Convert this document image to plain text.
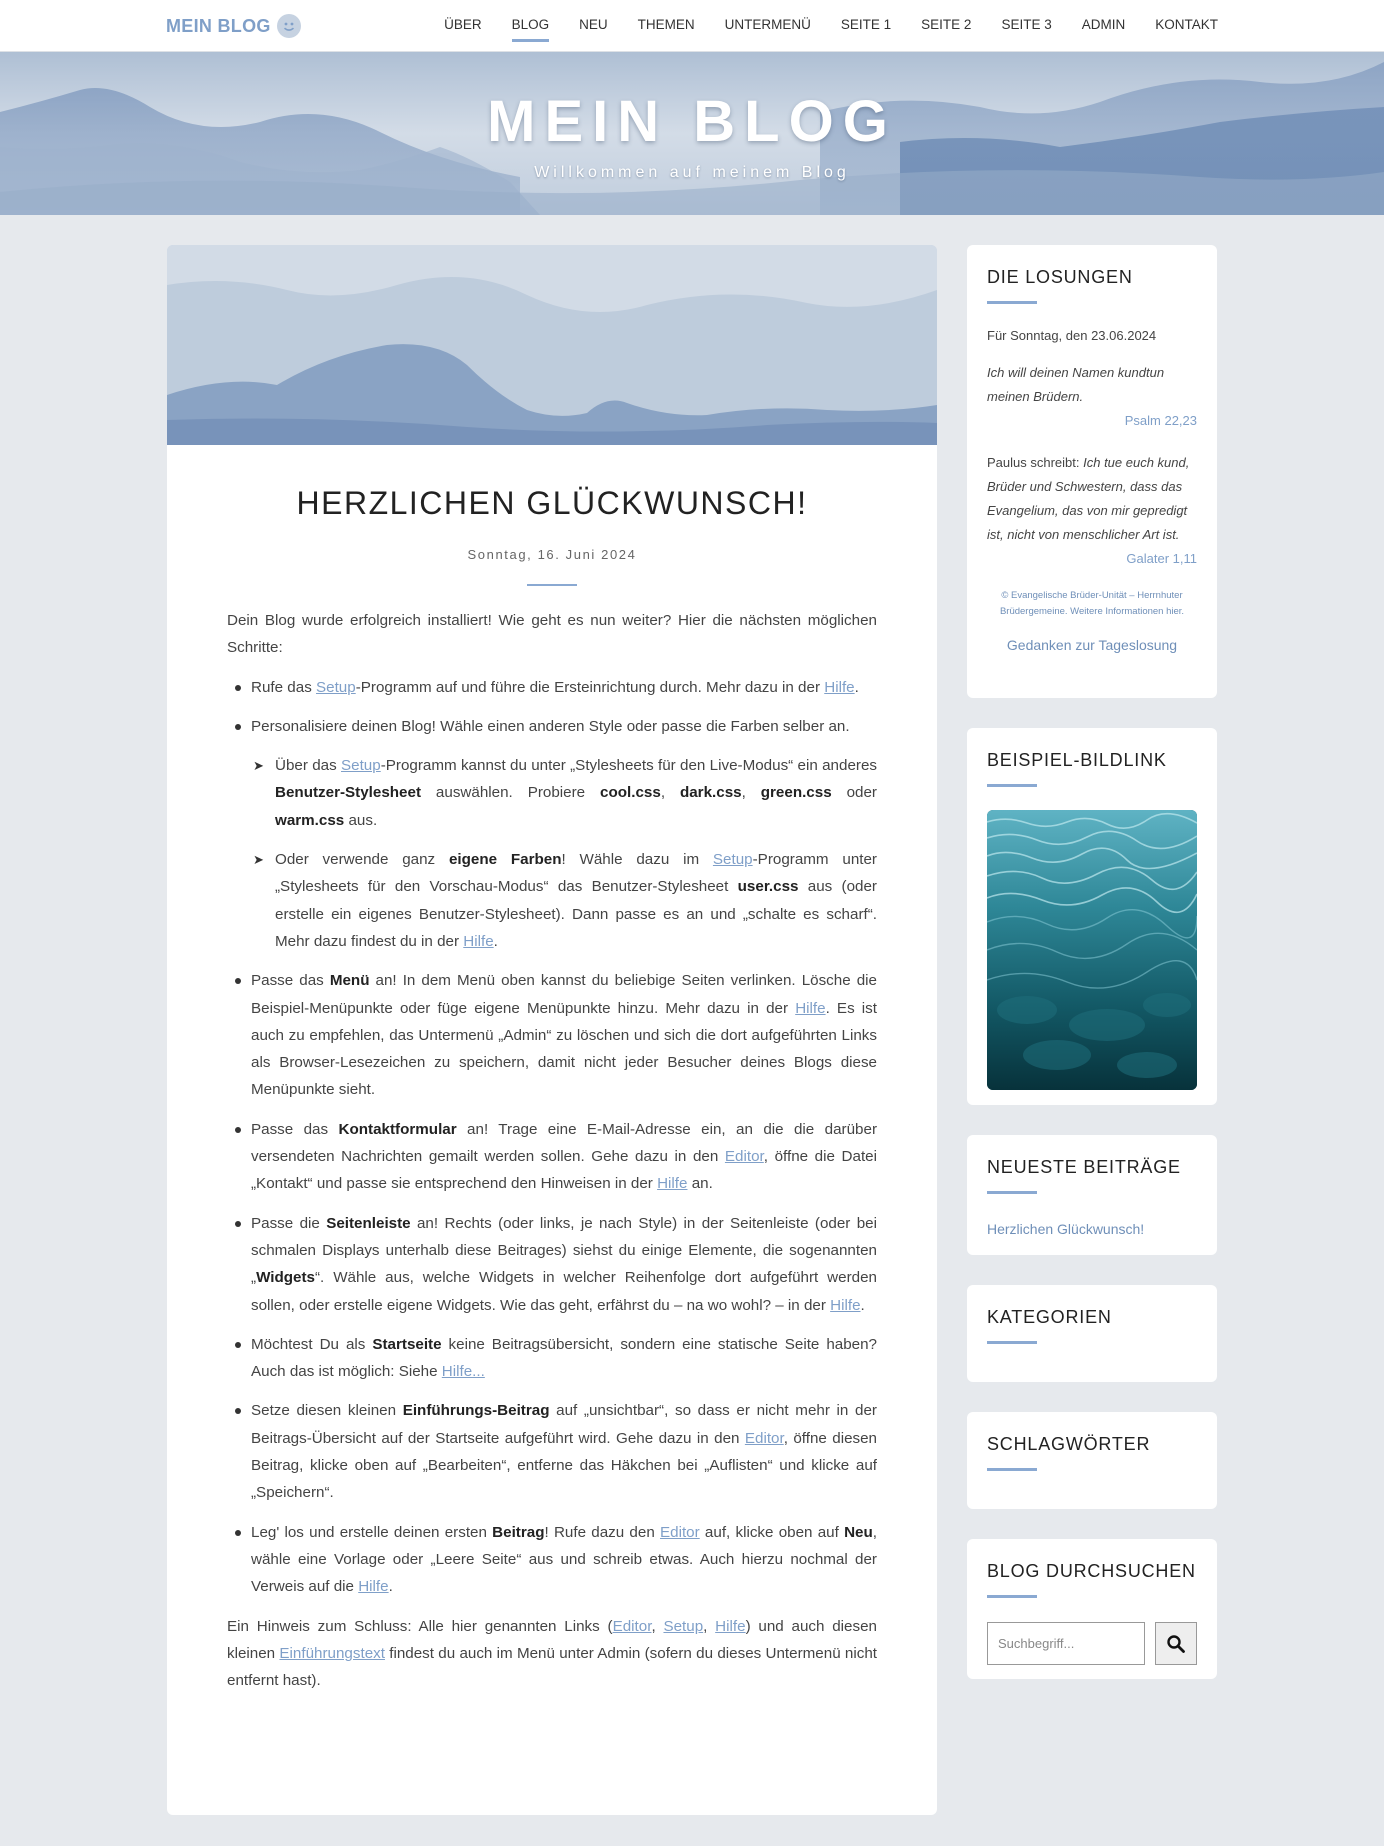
MEIN BLOG	ÜBER BLOG NEU THEMEN UNTERMENÜ SEITE 1 SEITE 2 SEITE 3 ADMIN KONTAKT
MEIN BLOG
Willkommen auf meinem Blog
HERZLICHEN GLÜCKWUNSCH!
Sonntag, 16. Juni 2024

Dein Blog wurde erfolgreich installiert! Wie geht es nun weiter? Hier die nächsten möglichen Schritte:

Rufe das Setup-Programm auf und führe die Ersteinrichtung durch. Mehr dazu in der Hilfe.
Personalisiere deinen Blog! Wähle einen anderen Style oder passe die Farben selber an.
➤ Über das Setup-Programm kannst du unter „Stylesheets für den Live-Modus“ ein anderes Benutzer-Stylesheet auswählen. Probiere cool.css, dark.css, green.css oder warm.css aus.
➤ Oder verwende ganz eigene Farben! Wähle dazu im Setup-Programm unter „Stylesheets für den Vorschau-Modus“ das Benutzer-Stylesheet user.css aus (oder erstelle ein eigenes Benutzer-Stylesheet). Dann passe es an und „schalte es scharf“. Mehr dazu findest du in der Hilfe.
Passe das Menü an! In dem Menü oben kannst du beliebige Seiten verlinken. Lösche die Beispiel-Menüpunkte oder füge eigene Menüpunkte hinzu. Mehr dazu in der Hilfe. Es ist auch zu empfehlen, das Untermenü „Admin“ zu löschen und sich die dort aufgeführten Links als Browser-Lesezeichen zu speichern, damit nicht jeder Besucher deines Blogs diese Menüpunkte sieht.
Passe das Kontaktformular an! Trage eine E-Mail-Adresse ein, an die die darüber versendeten Nachrichten gemailt werden sollen. Gehe dazu in den Editor, öffne die Datei „Kontakt“ und passe sie entsprechend den Hinweisen in der Hilfe an.
Passe die Seitenleiste an! Rechts (oder links, je nach Style) in der Seitenleiste (oder bei schmalen Displays unterhalb diese Beitrages) siehst du einige Elemente, die sogenannten „Widgets“. Wähle aus, welche Widgets in welcher Reihenfolge dort aufgeführt werden sollen, oder erstelle eigene Widgets. Wie das geht, erfährst du – na wo wohl? – in der Hilfe.
Möchtest Du als Startseite keine Beitragsübersicht, sondern eine statische Seite haben? Auch das ist möglich: Siehe Hilfe...
Setze diesen kleinen Einführungs-Beitrag auf „unsichtbar“, so dass er nicht mehr in der Beitrags-Übersicht auf der Startseite aufgeführt wird. Gehe dazu in den Editor, öffne diesen Beitrag, klicke oben auf „Bearbeiten“, entferne das Häkchen bei „Auflisten“ und klicke auf „Speichern“.
Leg' los und erstelle deinen ersten Beitrag! Rufe dazu den Editor auf, klicke oben auf Neu, wähle eine Vorlage oder „Leere Seite“ aus und schreib etwas. Auch hierzu nochmal der Verweis auf die Hilfe.

Ein Hinweis zum Schluss: Alle hier genannten Links (Editor, Setup, Hilfe) und auch diesen kleinen Einführungstext findest du auch im Menü unter Admin (sofern du dieses Untermenü nicht entfernt hast).

DIE LOSUNGEN
Für Sonntag, den 23.06.2024
Ich will deinen Namen kundtun meinen Brüdern.
Psalm 22,23
Paulus schreibt: Ich tue euch kund, Brüder und Schwestern, dass das Evangelium, das von mir gepredigt ist, nicht von menschlicher Art ist.
Galater 1,11
© Evangelische Brüder-Unität – Herrnhuter Brüdergemeine. Weitere Informationen hier.
Gedanken zur Tageslosung
BEISPIEL-BILDLINK
NEUESTE BEITRÄGE
Herzlichen Glückwunsch!
KATEGORIEN
SCHLAGWÖRTER
BLOG DURCHSUCHEN
Suchbegriff...
